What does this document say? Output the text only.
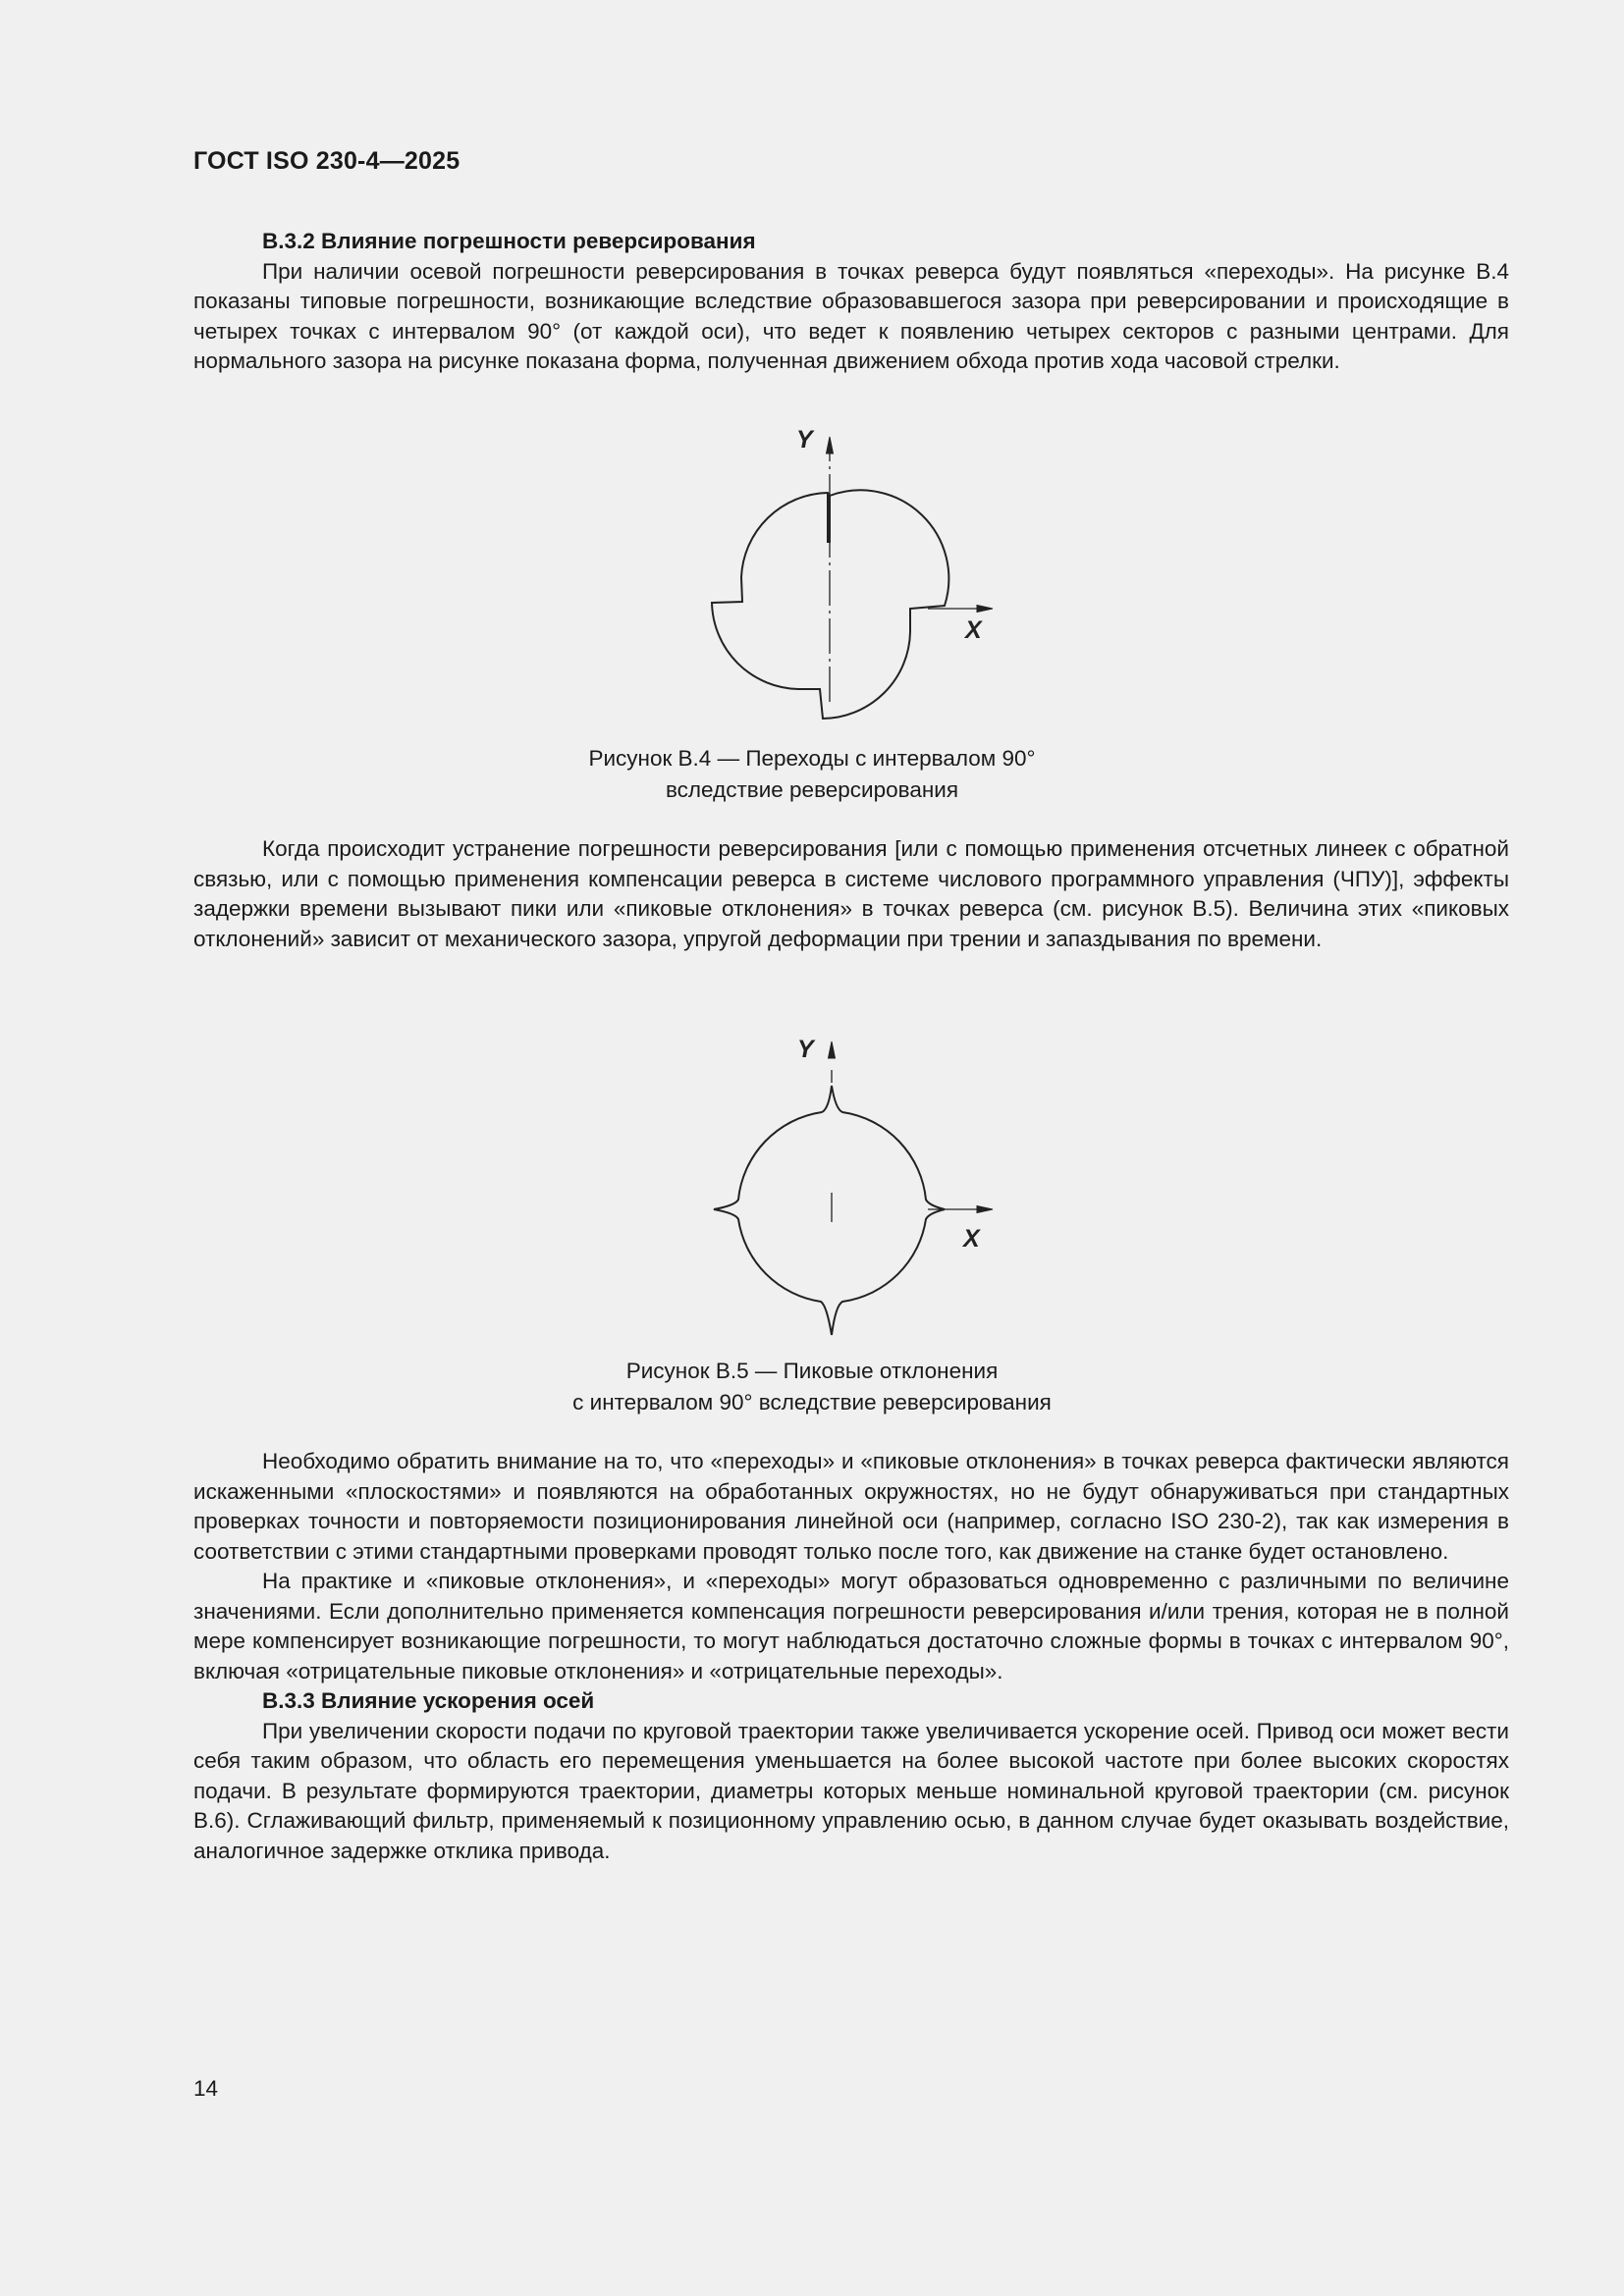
ГОСТ ISO 230-4—2025

B.3.2 Влияние погрешности реверсирования

При наличии осевой погрешности реверсирования в точках реверса будут появляться «переходы». На рисунке В.4 показаны типовые погрешности, возникающие вследствие образовавшегося зазора при реверсировании и происходящие в четырех точках с интервалом 90° (от каждой оси), что ведет к появлению четырех секторов с разными центрами. Для нормального зазора на рисунке показана форма, полученная движением обхода против хода часовой стрелки.

Y
X
Рисунок В.4 — Переходы с интервалом 90°
вследствие реверсирования

Когда происходит устранение погрешности реверсирования [или с помощью применения отсчетных линеек с обратной связью, или с помощью применения компенсации реверса в системе числового программного управления (ЧПУ)], эффекты задержки времени вызывают пики или «пиковые отклонения» в точках реверса (см. рисунок В.5). Величина этих «пиковых отклонений» зависит от механического зазора, упругой деформации при трении и запаздывания по времени.

Y
X
Рисунок В.5 — Пиковые отклонения
с интервалом 90° вследствие реверсирования

Необходимо обратить внимание на то, что «переходы» и «пиковые отклонения» в точках реверса фактически являются искаженными «плоскостями» и появляются на обработанных окружностях, но не будут обнаруживаться при стандартных проверках точности и повторяемости позиционирования линейной оси (например, согласно ISO 230-2), так как измерения в соответствии с этими стандартными проверками проводят только после того, как движение на станке будет остановлено.

На практике и «пиковые отклонения», и «переходы» могут образоваться одновременно с различными по величине значениями. Если дополнительно применяется компенсация погрешности реверсирования и/или трения, которая не в полной мере компенсирует возникающие погрешности, то могут наблюдаться достаточно сложные формы в точках с интервалом 90°, включая «отрицательные пиковые отклонения» и «отрицательные переходы».

B.3.3 Влияние ускорения осей

При увеличении скорости подачи по круговой траектории также увеличивается ускорение осей. Привод оси может вести себя таким образом, что область его перемещения уменьшается на более высокой частоте при более высоких скоростях подачи. В результате формируются траектории, диаметры которых меньше номинальной круговой траектории (см. рисунок В.6). Сглаживающий фильтр, применяемый к позиционному управлению осью, в данном случае будет оказывать воздействие, аналогичное задержке отклика привода.

14
